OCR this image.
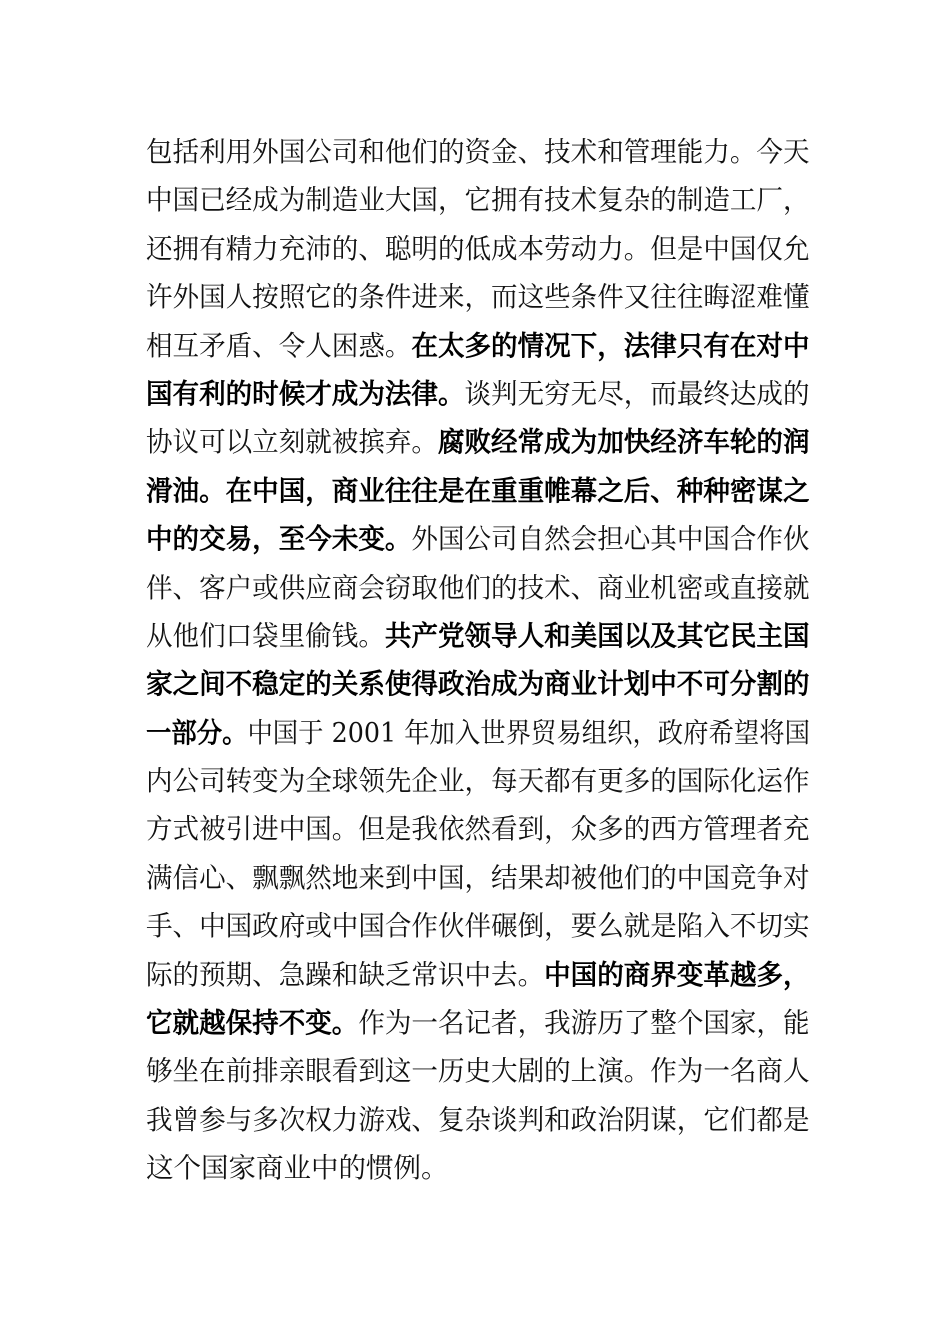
包括利用外国公司和他们的资金、技术和管理能力。今天
中国已经成为制造业大国，它拥有技术复杂的制造工厂，
还拥有精力充沛的、聪明的低成本劳动力。但是中国仅允
许外国人按照它的条件进来，而这些条件又往往晦涩难懂
相互矛盾、令人困惑。在太多的情况下，法律只有在对中
国有利的时候才成为法律。谈判无穷无尽，而最终达成的
协议可以立刻就被摈弃。腐败经常成为加快经济车轮的润
滑油。在中国，商业往往是在重重帷幕之后、种种密谋之
中的交易，至今未变。外国公司自然会担心其中国合作伙
伴、客户或供应商会窃取他们的技术、商业机密或直接就
从他们口袋里偷钱。共产党领导人和美国以及其它民主国
家之间不稳定的关系使得政治成为商业计划中不可分割的
一部分。中国于 2001 年加入世界贸易组织，政府希望将国
内公司转变为全球领先企业，每天都有更多的国际化运作
方式被引进中国。但是我依然看到，众多的西方管理者充
满信心、飘飘然地来到中国，结果却被他们的中国竞争对
手、中国政府或中国合作伙伴碾倒，要么就是陷入不切实
际的预期、急躁和缺乏常识中去。中国的商界变革越多，
它就越保持不变。作为一名记者，我游历了整个国家，能
够坐在前排亲眼看到这一历史大剧的上演。作为一名商人
我曾参与多次权力游戏、复杂谈判和政治阴谋，它们都是
这个国家商业中的惯例。
